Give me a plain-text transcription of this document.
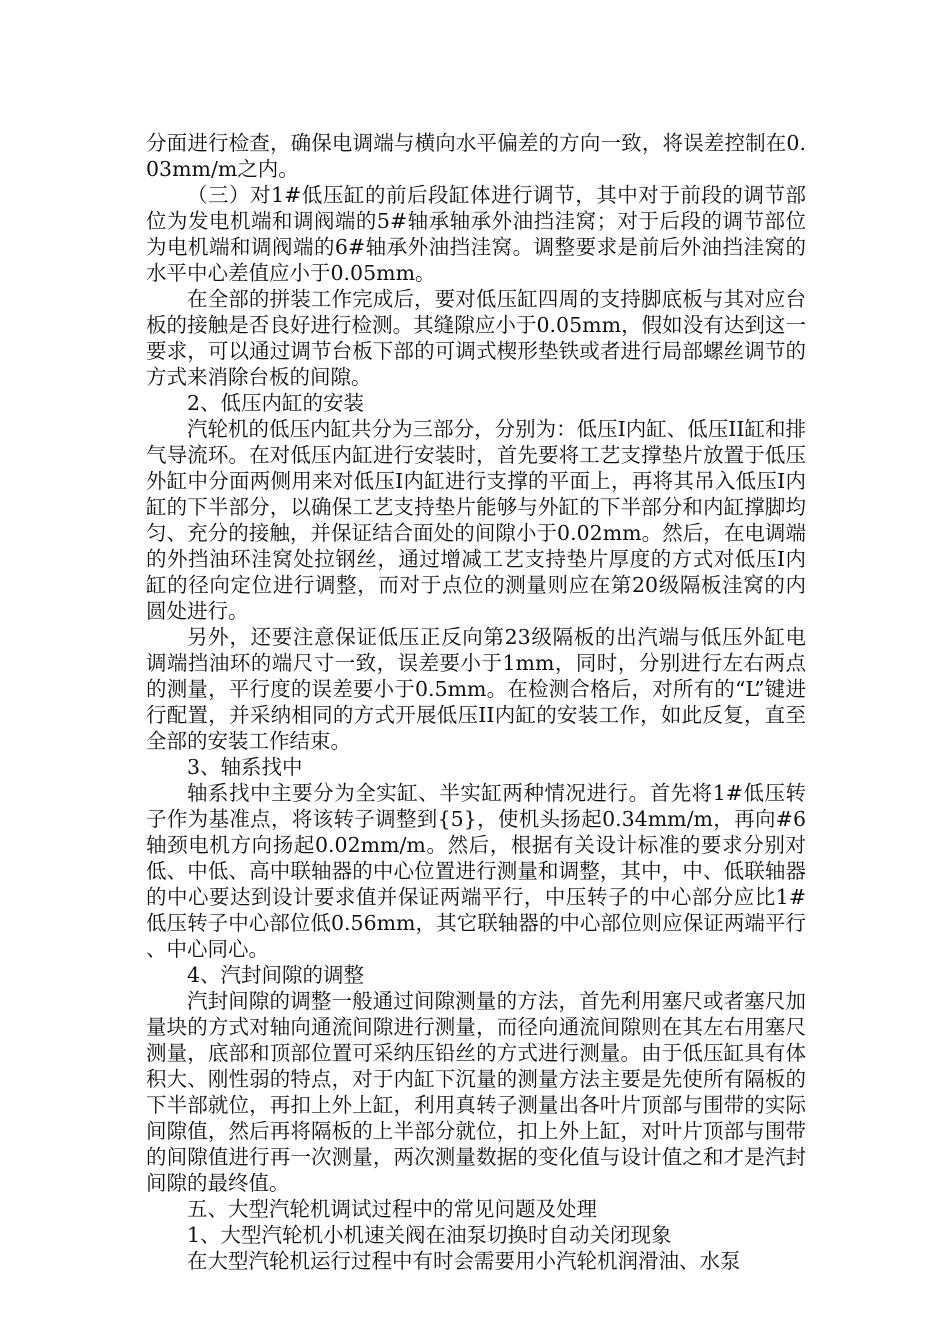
分面进行检查，确保电调端与横向水平偏差的方向一致，将误差控制在0.03mm/m之内。

（三）对1#低压缸的前后段缸体进行调节，其中对于前段的调节部位为发电机端和调阀端的5#轴承轴承外油挡洼窝；对于后段的调节部位为电机端和调阀端的6#轴承外油挡洼窝。调整要求是前后外油挡洼窝的水平中心差值应小于0.05mm。

在全部的拼装工作完成后，要对低压缸四周的支持脚底板与其对应台板的接触是否良好进行检测。其缝隙应小于0.05mm，假如没有达到这一要求，可以通过调节台板下部的可调式楔形垫铁或者进行局部螺丝调节的方式来消除台板的间隙。

2、低压内缸的安装

汽轮机的低压内缸共分为三部分，分别为：低压I内缸、低压II缸和排气导流环。在对低压内缸进行安装时，首先要将工艺支撑垫片放置于低压外缸中分面两侧用来对低压I内缸进行支撑的平面上，再将其吊入低压I内缸的下半部分，以确保工艺支持垫片能够与外缸的下半部分和内缸撑脚均匀、充分的接触，并保证结合面处的间隙小于0.02mm。然后，在电调端的外挡油环洼窝处拉钢丝，通过增减工艺支持垫片厚度的方式对低压I内缸的径向定位进行调整，而对于点位的测量则应在第20级隔板洼窝的内圆处进行。

另外，还要注意保证低压正反向第23级隔板的出汽端与低压外缸电调端挡油环的端尺寸一致，误差要小于1mm，同时，分别进行左右两点的测量，平行度的误差要小于0.5mm。在检测合格后，对所有的“L”键进行配置，并采纳相同的方式开展低压II内缸的安装工作，如此反复，直至全部的安装工作结束。

3、轴系找中

轴系找中主要分为全实缸、半实缸两种情况进行。首先将1#低压转子作为基准点，将该转子调整到{5}，使机头扬起0.34mm/m，再向#6轴颈电机方向扬起0.02mm/m。然后，根据有关设计标准的要求分别对低、中低、高中联轴器的中心位置进行测量和调整，其中，中、低联轴器的中心要达到设计要求值并保证两端平行，中压转子的中心部分应比1#低压转子中心部位低0.56mm，其它联轴器的中心部位则应保证两端平行、中心同心。

4、汽封间隙的调整

汽封间隙的调整一般通过间隙测量的方法，首先利用塞尺或者塞尺加量块的方式对轴向通流间隙进行测量，而径向通流间隙则在其左右用塞尺测量，底部和顶部位置可采纳压铅丝的方式进行测量。由于低压缸具有体积大、刚性弱的特点，对于内缸下沉量的测量方法主要是先使所有隔板的下半部就位，再扣上外上缸，利用真转子测量出各叶片顶部与围带的实际间隙值，然后再将隔板的上半部分就位，扣上外上缸，对叶片顶部与围带的间隙值进行再一次测量，两次测量数据的变化值与设计值之和才是汽封间隙的最终值。

五、大型汽轮机调试过程中的常见问题及处理

1、大型汽轮机小机速关阀在油泵切换时自动关闭现象

在大型汽轮机运行过程中有时会需要用小汽轮机润滑油、水泵
